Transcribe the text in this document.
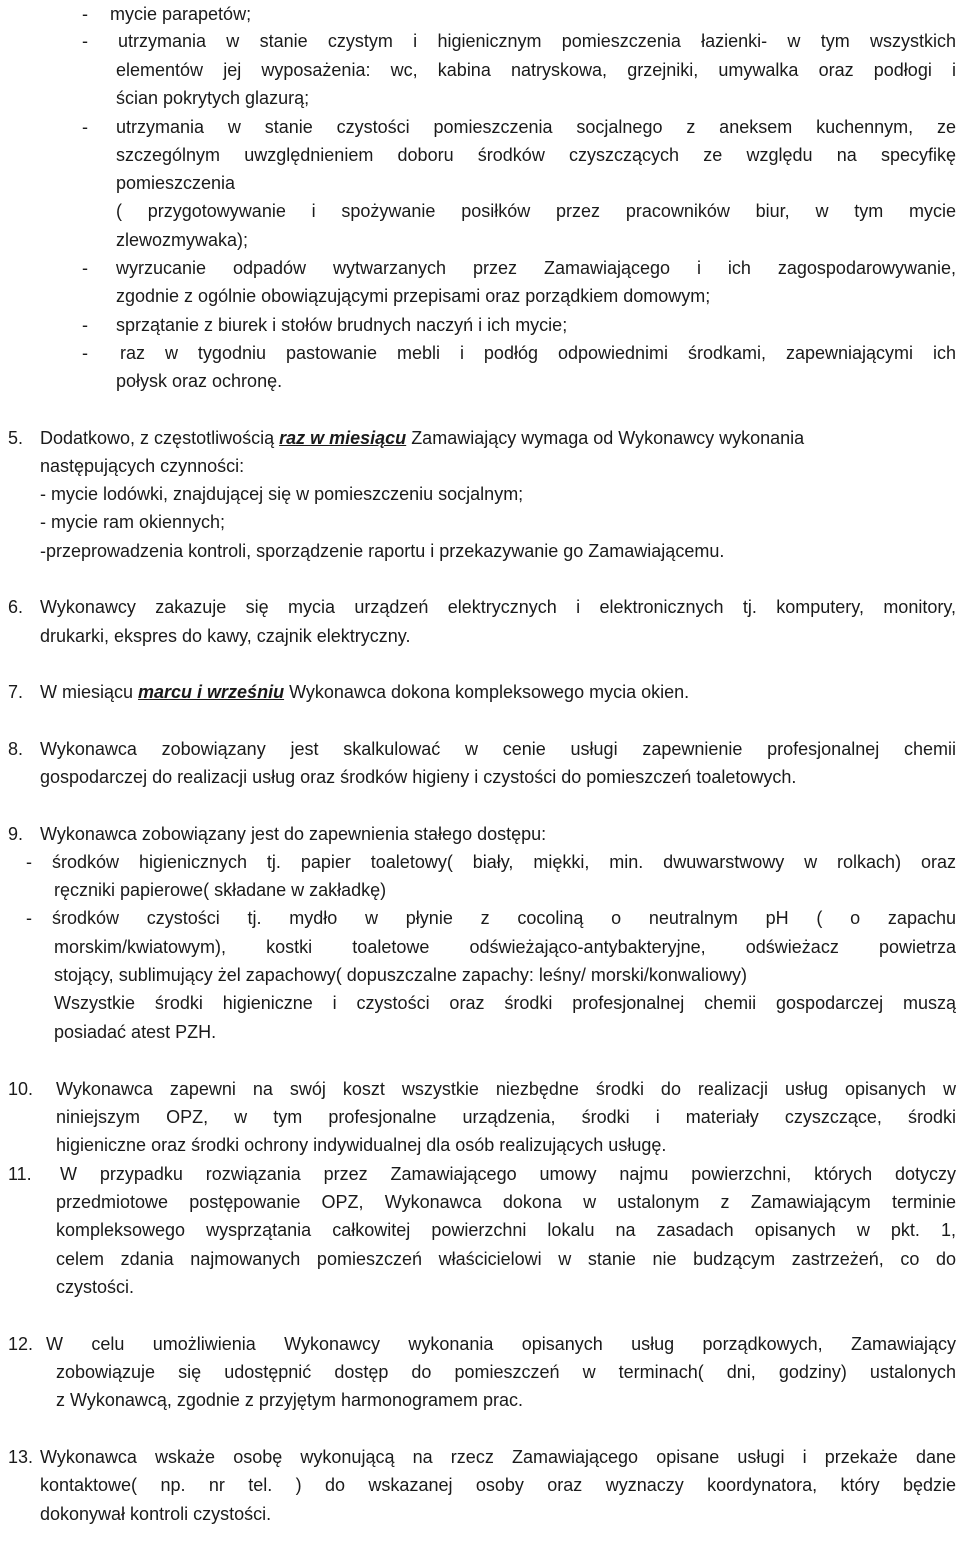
- mycie parapetów;

- utrzymania w stanie czystym i higienicznym pomieszczenia łazienki- w tym wszystkich

elementów jej wyposażenia: wc, kabina natryskowa, grzejniki, umywalka oraz podłogi i

ścian pokrytych glazurą;

- utrzymania w stanie czystości pomieszczenia socjalnego z aneksem kuchennym, ze

szczególnym uwzględnieniem doboru środków czyszczących ze względu na specyfikę

pomieszczenia

( przygotowywanie i spożywanie posiłków przez pracowników biur, w tym mycie

zlewozmywaka);

- wyrzucanie odpadów wytwarzanych przez Zamawiającego i ich zagospodarowywanie,

zgodnie z ogólnie obowiązującymi przepisami oraz porządkiem domowym;

- sprzątanie z biurek i stołów brudnych naczyń i ich mycie;

- raz w tygodniu pastowanie mebli i podłóg odpowiednimi środkami, zapewniającymi ich

połysk oraz ochronę.

5. Dodatkowo, z częstotliwością raz w miesiącu Zamawiający wymaga od Wykonawcy wykonania

następujących czynności:

- mycie lodówki, znajdującej się w pomieszczeniu socjalnym;

- mycie ram okiennych;

-przeprowadzenia kontroli, sporządzenie raportu i przekazywanie go Zamawiającemu.

6. Wykonawcy zakazuje się mycia urządzeń elektrycznych i elektronicznych tj. komputery, monitory,

drukarki, ekspres do kawy, czajnik elektryczny.

7. W miesiącu marcu i wrześniu Wykonawca dokona kompleksowego mycia okien.

8. Wykonawca zobowiązany jest skalkulować w cenie usługi zapewnienie profesjonalnej chemii

gospodarczej do realizacji usług oraz środków higieny i czystości do pomieszczeń toaletowych.

9. Wykonawca zobowiązany jest do zapewnienia stałego dostępu:

- środków higienicznych tj. papier toaletowy( biały, miękki, min. dwuwarstwowy w rolkach) oraz

ręczniki papierowe( składane w zakładkę)

- środków czystości tj. mydło w płynie z cocoliną o neutralnym pH ( o zapachu

morskim/kwiatowym), kostki toaletowe odświeżająco-antybakteryjne, odświeżacz powietrza

stojący, sublimujący żel zapachowy( dopuszczalne zapachy: leśny/ morski/konwaliowy)

Wszystkie środki higieniczne i czystości oraz środki profesjonalnej chemii gospodarczej muszą

posiadać atest PZH.

10. Wykonawca zapewni na swój koszt wszystkie niezbędne środki do realizacji usług opisanych w

niniejszym OPZ, w tym profesjonalne urządzenia, środki i materiały czyszczące, środki

higieniczne oraz środki ochrony indywidualnej dla osób realizujących usługę.

11. W przypadku rozwiązania przez Zamawiającego umowy najmu powierzchni, których dotyczy

przedmiotowe postępowanie OPZ, Wykonawca dokona w ustalonym z Zamawiającym terminie

kompleksowego wysprzątania całkowitej powierzchni lokalu na zasadach opisanych w pkt. 1,

celem zdania najmowanych pomieszczeń właścicielowi w stanie nie budzącym zastrzeżeń, co do

czystości.

12. W celu umożliwienia Wykonawcy wykonania opisanych usług porządkowych, Zamawiający

zobowiązuje się udostępnić dostęp do pomieszczeń w terminach( dni, godziny) ustalonych

z Wykonawcą, zgodnie z przyjętym harmonogramem prac.

13. Wykonawca wskaże osobę wykonującą na rzecz Zamawiającego opisane usługi i przekaże dane

kontaktowe( np. nr tel. ) do wskazanej osoby oraz wyznaczy koordynatora, który będzie

dokonywał kontroli czystości.
